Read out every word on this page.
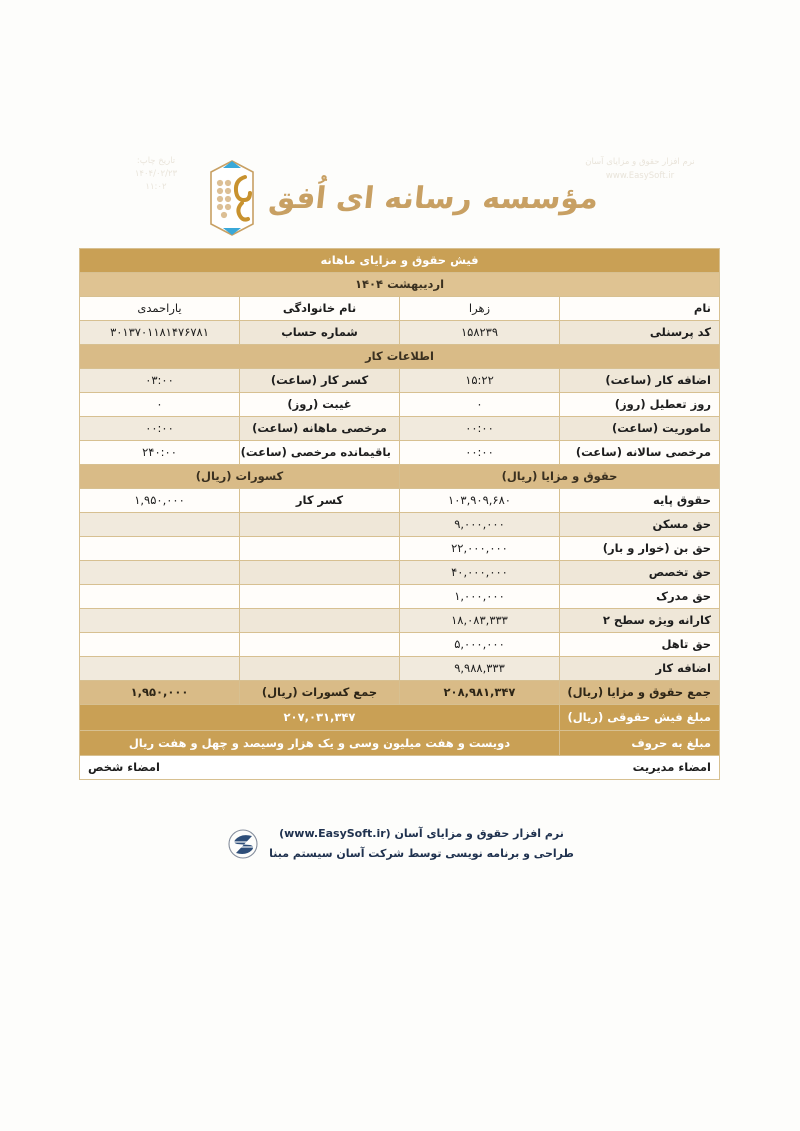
تاریخ چاپ:
۱۴۰۴/۰۲/۲۳
۱۱:۰۲	مؤسسه رسانه ای اُفق
نرم افزار حقوق و مزایای آسان
www.EasySoft.ir
فیش حقوق و مزایای ماهانه			
اردیبهشت ۱۴۰۴			
نام	زهرا	نام خانوادگی	یاراحمدی
کد پرسنلی	۱۵۸۲۳۹	شماره حساب	۳۰۱۳۷۰۱۱۸۱۴۷۶۷۸۱
اطلاعات کار			
اضافه کار (ساعت)	۱۵:۲۲	کسر کار (ساعت)	۰۳:۰۰
روز تعطیل (روز)	۰	غیبت (روز)	۰
ماموریت (ساعت)	۰۰:۰۰	مرخصی ماهانه (ساعت)	۰۰:۰۰
مرخصی سالانه (ساعت)	۰۰:۰۰	باقیمانده مرخصی (ساعت)	۲۴۰:۰۰
حقوق و مزایا (ریال)		کسورات (ریال)	
حقوق پایه	۱۰۳,۹۰۹,۶۸۰	کسر کار	۱,۹۵۰,۰۰۰
حق مسکن	۹,۰۰۰,۰۰۰		
حق بن (خوار و بار)	۲۲,۰۰۰,۰۰۰		
حق تخصص	۴۰,۰۰۰,۰۰۰		
حق مدرک	۱,۰۰۰,۰۰۰		
کارانه ویژه سطح ۲	۱۸,۰۸۳,۳۳۳		
حق تاهل	۵,۰۰۰,۰۰۰		
اضافه کار	۹,۹۸۸,۳۳۳		
جمع حقوق و مزایا (ریال)	۲۰۸,۹۸۱,۳۴۷	جمع کسورات (ریال)	۱,۹۵۰,۰۰۰
مبلغ فیش حقوقی (ریال)	۲۰۷,۰۳۱,۳۴۷		
مبلغ به حروف	دویست و هفت میلیون وسی و یک هزار وسیصد و چهل و هفت ریال		

امضاء مدیریت
امضاء شخص			
نرم افزار حقوق و مزایای آسان (www.EasySoft.ir)
طراحی و برنامه نویسی توسط شرکت آسان سیستم مبنا
